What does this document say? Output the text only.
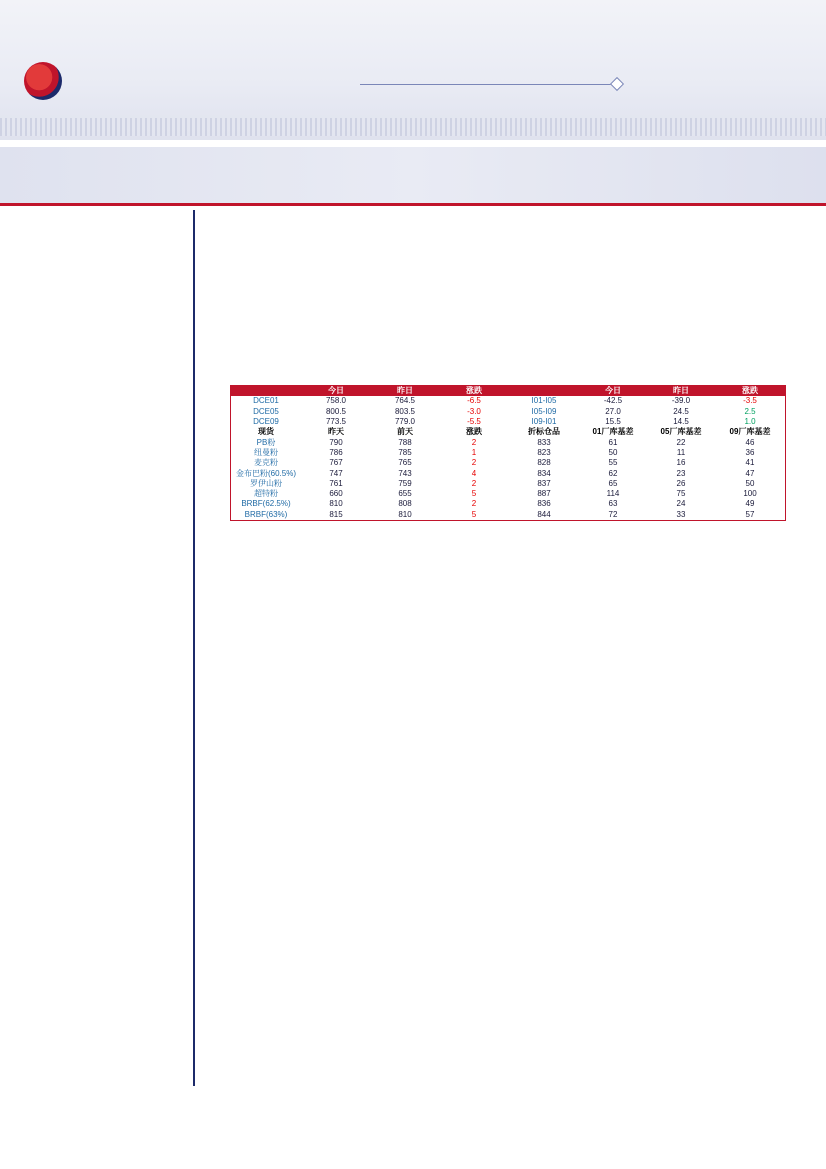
	今日	昨日	涨跌		今日	昨日	涨跌
DCE01	758.0	764.5	-6.5	I01-I05	-42.5	-39.0	-3.5
DCE05	800.5	803.5	-3.0	I05-I09	27.0	24.5	2.5
DCE09	773.5	779.0	-5.5	I09-I01	15.5	14.5	1.0
现货	昨天	前天	涨跌	折标仓品	01厂库基差	05厂库基差	09厂库基差
PB粉	790	788	2	833	61	22	46
纽曼粉	786	785	1	823	50	11	36
麦克粉	767	765	2	828	55	16	41
金布巴粉(60.5%)	747	743	4	834	62	23	47
罗伊山粉	761	759	2	837	65	26	50
超特粉	660	655	5	887	114	75	100
BRBF(62.5%)	810	808	2	836	63	24	49
BRBF(63%)	815	810	5	844	72	33	57
